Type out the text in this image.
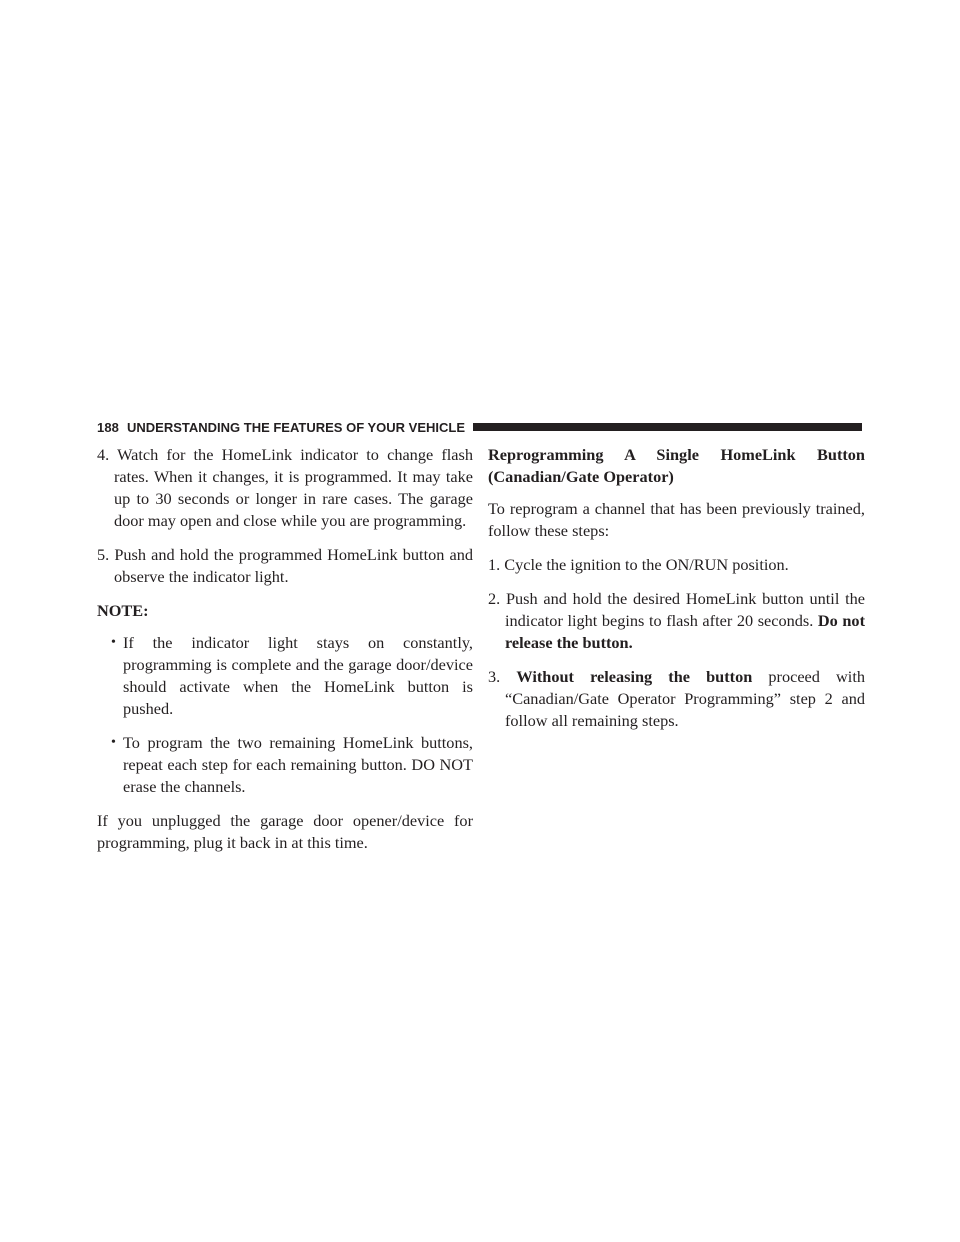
188 UNDERSTANDING THE FEATURES OF YOUR VEHICLE

4. Watch for the HomeLink indicator to change flash rates. When it changes, it is programmed. It may take up to 30 seconds or longer in rare cases. The garage door may open and close while you are programming.

5. Push and hold the programmed HomeLink button and observe the indicator light.

NOTE:

• If the indicator light stays on constantly, programming is complete and the garage door/device should activate when the HomeLink button is pushed.
• To program the two remaining HomeLink buttons, repeat each step for each remaining button. DO NOT erase the channels.

If you unplugged the garage door opener/device for programming, plug it back in at this time.

Reprogramming A Single HomeLink Button (Canadian/Gate Operator)

To reprogram a channel that has been previously trained, follow these steps:

1. Cycle the ignition to the ON/RUN position.

2. Push and hold the desired HomeLink button until the indicator light begins to flash after 20 seconds. Do not release the button.

3. Without releasing the button proceed with “Canadian/Gate Operator Programming” step 2 and follow all remaining steps.
